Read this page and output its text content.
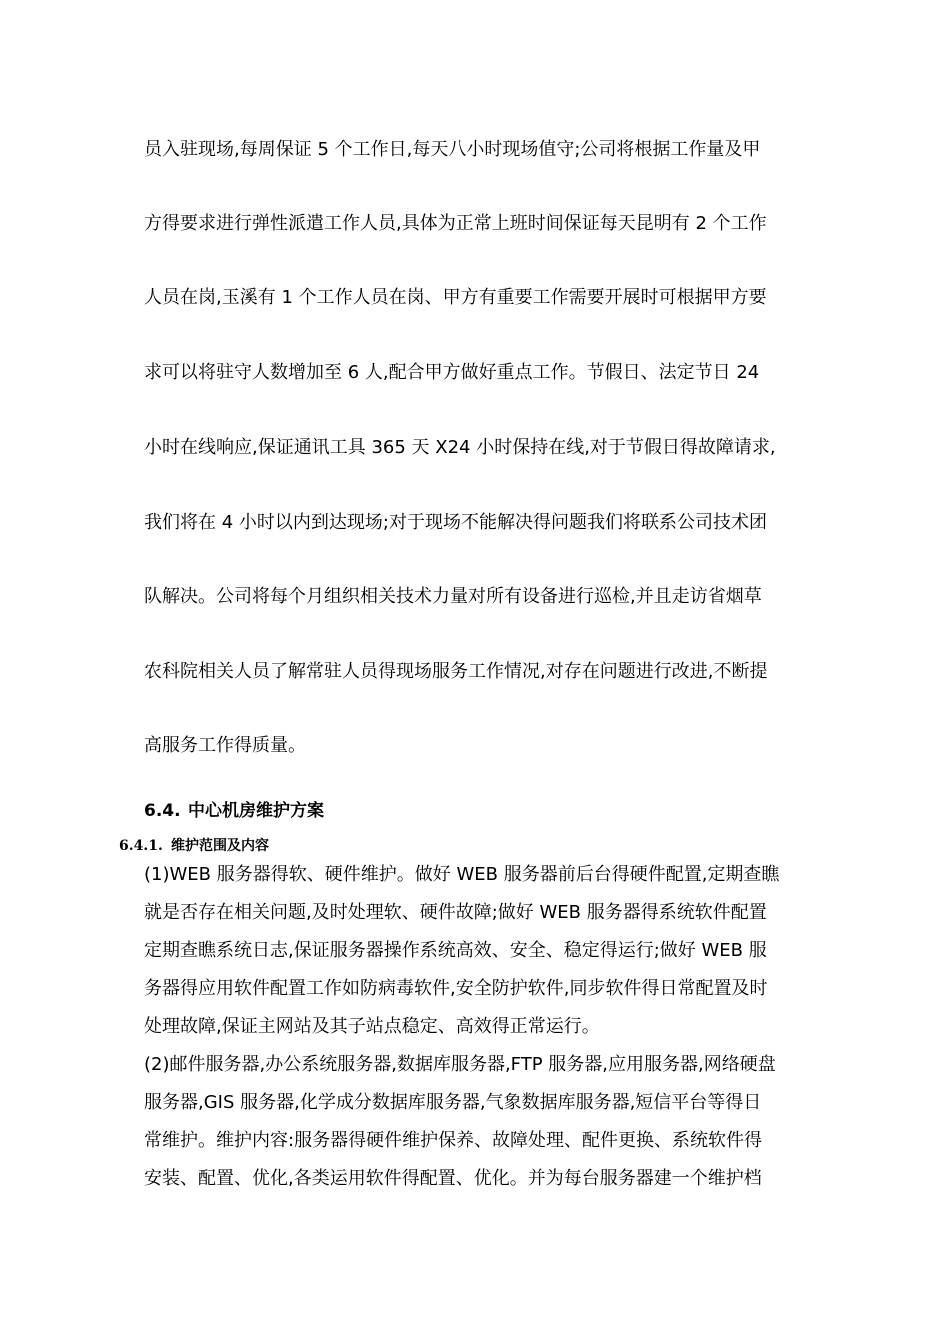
员入驻现场,每周保证 5 个工作日,每天八小时现场值守;公司将根据工作量及甲
方得要求进行弹性派遣工作人员,具体为正常上班时间保证每天昆明有 2 个工作
人员在岗,玉溪有 1 个工作人员在岗、甲方有重要工作需要开展时可根据甲方要
求可以将驻守人数增加至 6 人,配合甲方做好重点工作。节假日、法定节日 24
小时在线响应,保证通讯工具 365 天 X24 小时保持在线,对于节假日得故障请求,
我们将在 4 小时以内到达现场;对于现场不能解决得问题我们将联系公司技术团
队解决。公司将每个月组织相关技术力量对所有设备进行巡检,并且走访省烟草
农科院相关人员了解常驻人员得现场服务工作情况,对存在问题进行改进,不断提
高服务工作得质量。
6.4. 中心机房维护方案
6.4.1. 维护范围及内容
(1)WEB 服务器得软、硬件维护。做好 WEB 服务器前后台得硬件配置,定期查瞧
就是否存在相关问题,及时处理软、硬件故障;做好 WEB 服务器得系统软件配置
定期查瞧系统日志,保证服务器操作系统高效、安全、稳定得运行;做好 WEB 服
务器得应用软件配置工作如防病毒软件,安全防护软件,同步软件得日常配置及时
处理故障,保证主网站及其子站点稳定、高效得正常运行。
(2)邮件服务器,办公系统服务器,数据库服务器,FTP 服务器,应用服务器,网络硬盘
服务器,GIS 服务器,化学成分数据库服务器,气象数据库服务器,短信平台等得日
常维护。维护内容:服务器得硬件维护保养、故障处理、配件更换、系统软件得
安装、配置、优化,各类运用软件得配置、优化。并为每台服务器建一个维护档
